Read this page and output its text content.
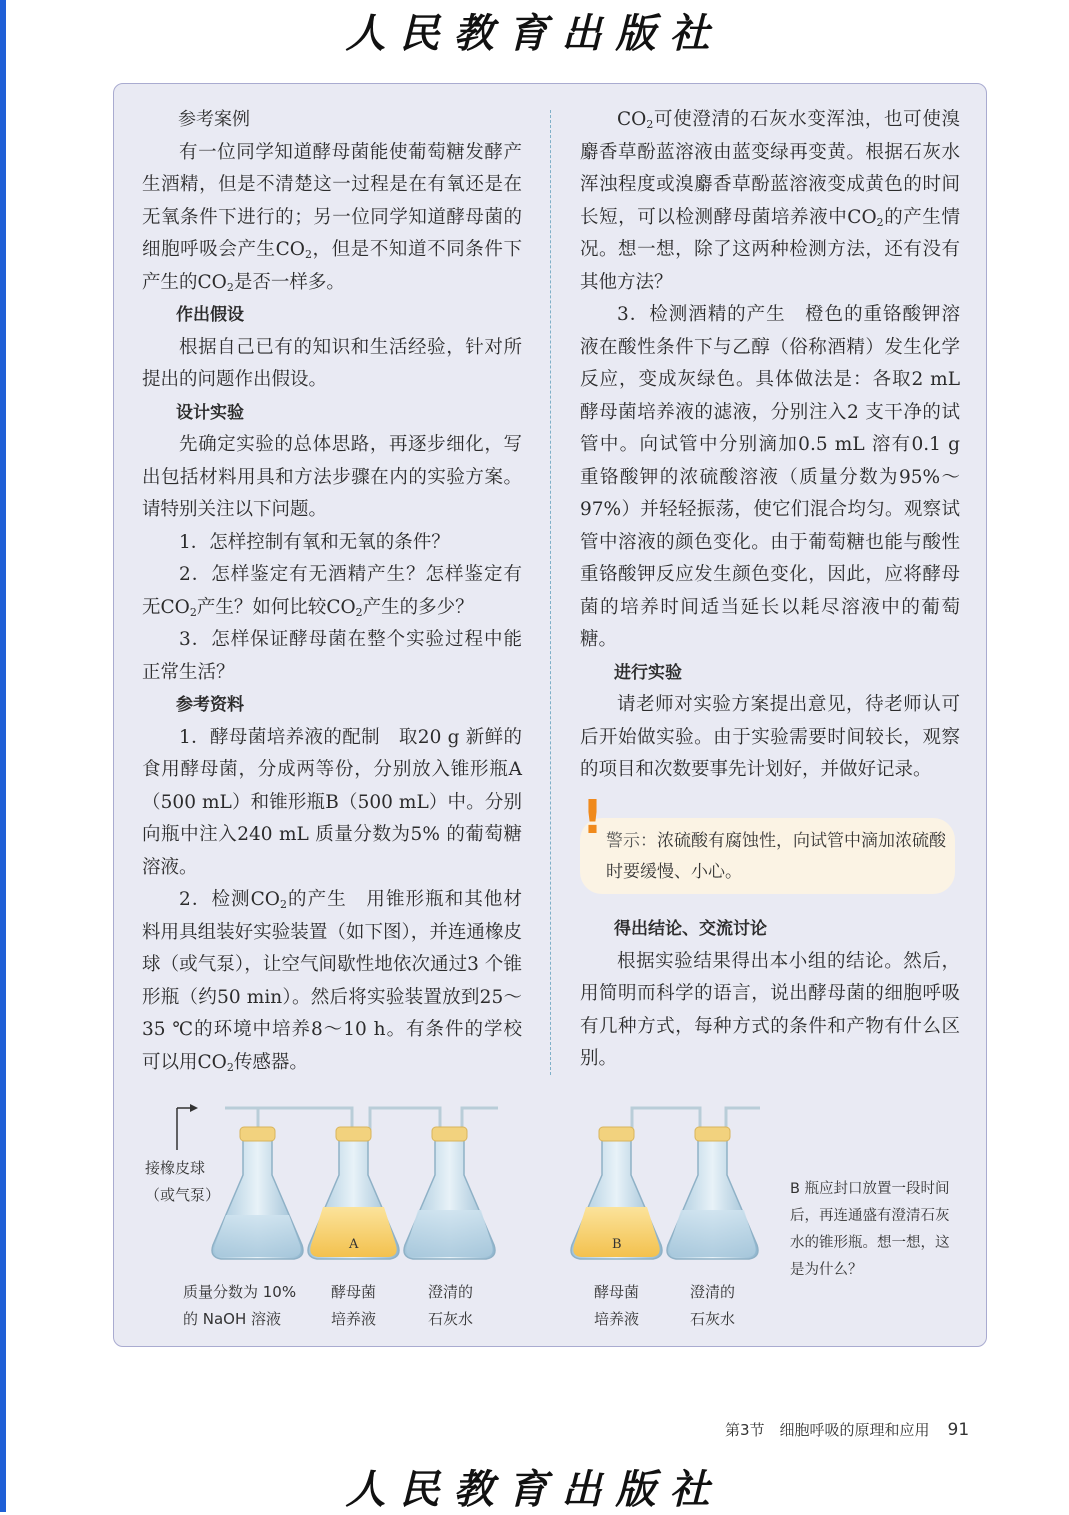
人民教育出版社

参考案例

有一位同学知道酵母菌能使葡萄糖发酵产生酒精，但是不清楚这一过程是在有氧还是在无氧条件下进行的；另一位同学知道酵母菌的细胞呼吸会产生$CO_2$，但是不知道不同条件下产生的$CO_2$是否一样多。

作出假设

根据自己已有的知识和生活经验，针对所提出的问题作出假设。

设计实验

先确定实验的总体思路，再逐步细化，写出包括材料用具和方法步骤在内的实验方案。请特别关注以下问题。

1．怎样控制有氧和无氧的条件？

2．怎样鉴定有无酒精产生？怎样鉴定有无$CO_2$产生？如何比较$CO_2$产生的多少？

3．怎样保证酵母菌在整个实验过程中能正常生活？

参考资料

1．酵母菌培养液的配制　取20 g 新鲜的食用酵母菌，分成两等份，分别放入锥形瓶A（500 mL）和锥形瓶B（500 mL）中。分别向瓶中注入240 mL 质量分数为5% 的葡萄糖溶液。

2．检测$CO_2$的产生　用锥形瓶和其他材料用具组装好实验装置（如下图），并连通橡皮球（或气泵），让空气间歇性地依次通过3 个锥形瓶（约50 min）。然后将实验装置放到25～35 ℃的环境中培养8～10 h。有条件的学校可以用$CO_2$传感器。

$CO_2$可使澄清的石灰水变浑浊，也可使溴麝香草酚蓝溶液由蓝变绿再变黄。根据石灰水浑浊程度或溴麝香草酚蓝溶液变成黄色的时间长短，可以检测酵母菌培养液中$CO_2$的产生情况。想一想，除了这两种检测方法，还有没有其他方法？

3．检测酒精的产生　橙色的重铬酸钾溶液在酸性条件下与乙醇（俗称酒精）发生化学反应，变成灰绿色。具体做法是：各取2 mL 酵母菌培养液的滤液，分别注入2 支干净的试管中。向试管中分别滴加0.5 mL 溶有0.1 g 重铬酸钾的浓硫酸溶液（质量分数为95%～97%）并轻轻振荡，使它们混合均匀。观察试管中溶液的颜色变化。由于葡萄糖也能与酸性重铬酸钾反应发生颜色变化，因此，应将酵母菌的培养时间适当延长以耗尽溶液中的葡萄糖。

进行实验

请老师对实验方案提出意见，待老师认可后开始做实验。由于实验需要时间较长，观察的项目和次数要事先计划好，并做好记录。

! 警示：浓硫酸有腐蚀性，向试管中滴加浓硫酸时要缓慢、小心。

得出结论、交流讨论

根据实验结果得出本小组的结论。然后，用简明而科学的语言，说出酵母菌的细胞呼吸有几种方式，每种方式的条件和产物有什么区别。

A	B
接橡皮球
（或气泵）
质量分数为 10%
的 NaOH 溶液
酵母菌
培养液
澄清的
石灰水
酵母菌
培养液
澄清的
石灰水
B 瓶应封口放置一段时间后，再连通盛有澄清石灰水的锥形瓶。想一想，这是为什么？
第3节　细胞呼吸的原理和应用 91
人民教育出版社
